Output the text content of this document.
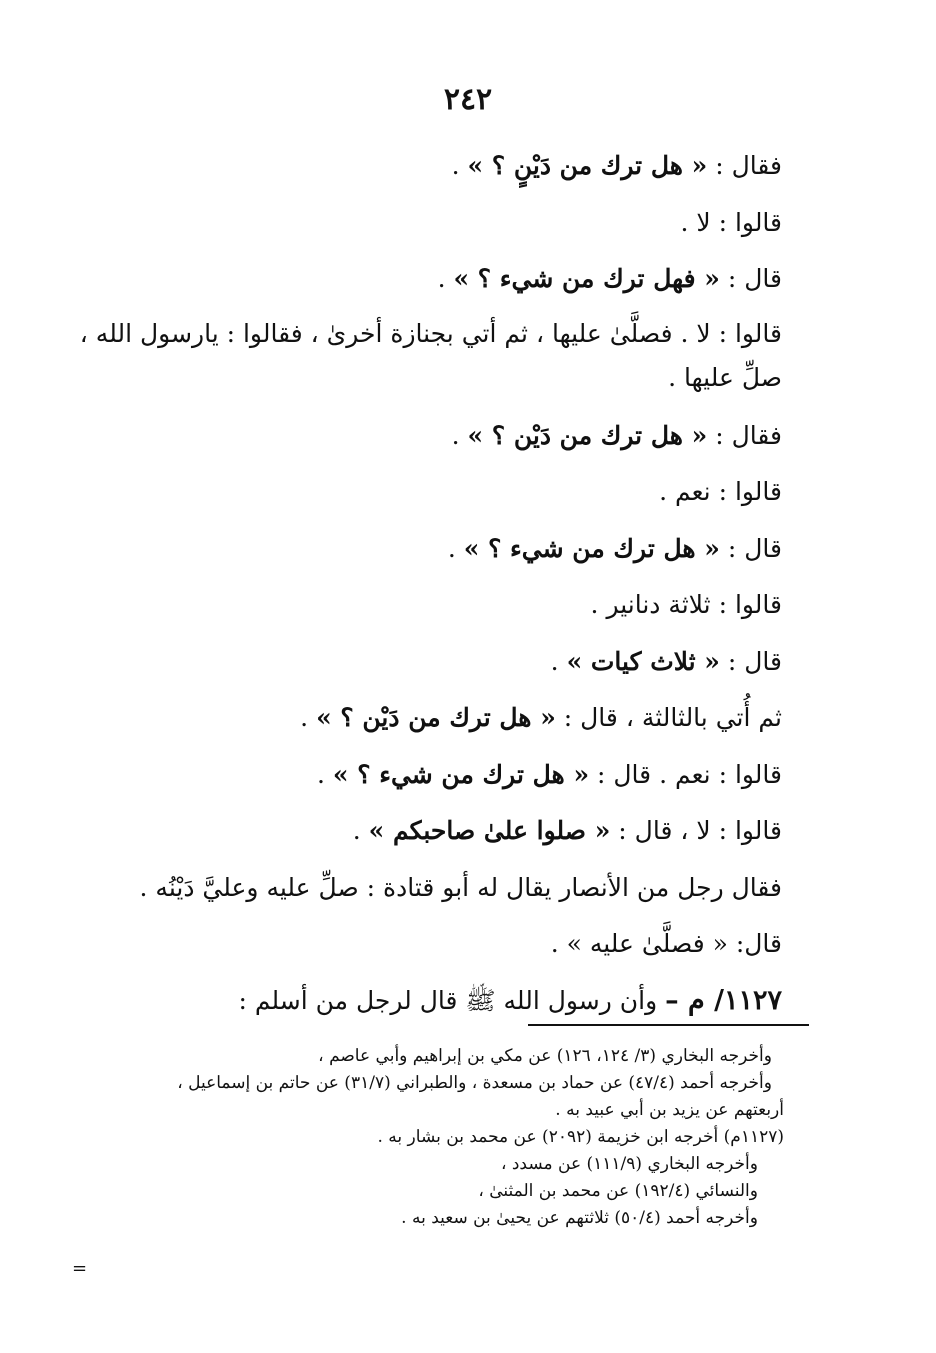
٢٤٢

فقال : « هل ترك من دَيْنٍ ؟ » .

قالوا : لا .

قال : « فهل ترك من شيء ؟ » .

قالوا : لا . فصلَّىٰ عليها ، ثم أتي بجنازة أخرىٰ ، فقالوا : يارسول الله ، صلِّ عليها .

فقال : « هل ترك من دَيْن ؟ » .

قالوا : نعم .

قال : « هل ترك من شيء ؟ » .

قالوا : ثلاثة دنانير .

قال : « ثلاث كيات » .

ثم أُتي بالثالثة ، قال : « هل ترك من دَيْن ؟ » .

قالوا : نعم . قال : « هل ترك من شيء ؟ » .

قالوا : لا ، قال : « صلوا علىٰ صاحبكم » .

فقال رجل من الأنصار يقال له أبو قتادة : صلِّ عليه وعليَّ دَيْنُه .

قال: « فصلَّىٰ عليه » .

١١٢٧/ م – وأن رسول الله ﷺ قال لرجل من أسلم :

وأخرجه البخاري (٣/ ١٢٤، ١٢٦) عن مكي بن إبراهيم وأبي عاصم ،

وأخرجه أحمد (٤٧/٤) عن حماد بن مسعدة ، والطبراني (٣١/٧) عن حاتم بن إسماعيل ،

أربعتهم عن يزيد بن أبي عبيد به .

(١١٢٧م) أخرجه ابن خزيمة (٢٠٩٢) عن محمد بن بشار به .

وأخرجه البخاري (١١١/٩) عن مسدد ،

والنسائي (١٩٢/٤) عن محمد بن المثنىٰ ،

وأخرجه أحمد (٥٠/٤) ثلاثتهم عن يحيىٰ بن سعيد به .

=
